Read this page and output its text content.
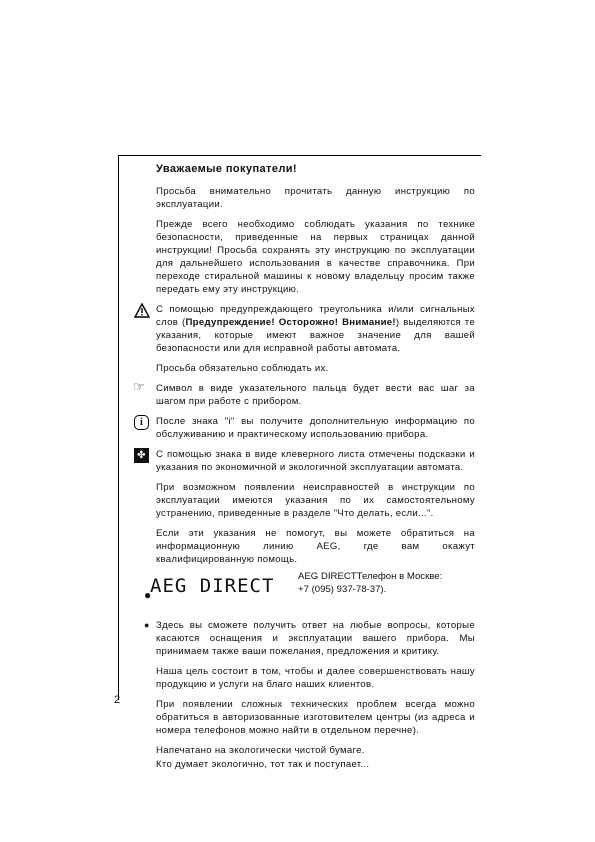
2
Уважаемые покупатели!

Просьба внимательно прочитать данную инструкцию по эксплуатации.

Прежде всего необходимо соблюдать указания по технике безопасности, приведенные на первых страницах данной инструкции! Просьба сохранять эту инструкцию по эксплуатации для дальнейшего использования в качестве справочника. При переходе стиральной машины к новому владельцу просим также передать ему эту инструкцию.

С помощью предупреждающего треугольника и/или сигнальных слов (Предупреждение! Осторожно! Внимание!) выделяются те указания, которые имеют важное значение для вашей безопасности или для исправной работы автомата.

Просьба обязательно соблюдать их.

☞	Символ в виде указательного пальца будет вести вас шаг за шагом при работе с прибором.

i	После знака "i" вы получите дополнительную информацию по обслуживанию и практическому использованию прибора.

✤	С помощью знака в виде клеверного листа отмечены подсказки и указания по экономичной и экологичной эксплуатации автомата.

При возможном появлении неисправностей в инструкции по эксплуатации имеются указания по их самостоятельному устранению, приведенные в разделе "Что делать, если...".

Если эти указания не помогут, вы можете обратиться на информационную линию AEG, где вам окажут квалифицированную помощь.

●
AEG DIRECT AEG DIRECTТелефон в Москве:
+7 (095) 937-78-37).

● Здесь вы сможете получить ответ на любые вопросы, которые касаются оснащения и эксплуатации вашего прибора. Мы принимаем также ваши пожелания, предложения и критику.

Наша цель состоит в том, чтобы и далее совершенствовать нашу продукцию и услуги на благо наших клиентов.

При появлении сложных технических проблем всегда можно обратиться в авторизованные изготовителем центры (из адреса и номера телефонов можно найти в отдельном перечне).

Напечатано на экологически чистой бумаге.

Кто думает экологично, тот так и поступает...
